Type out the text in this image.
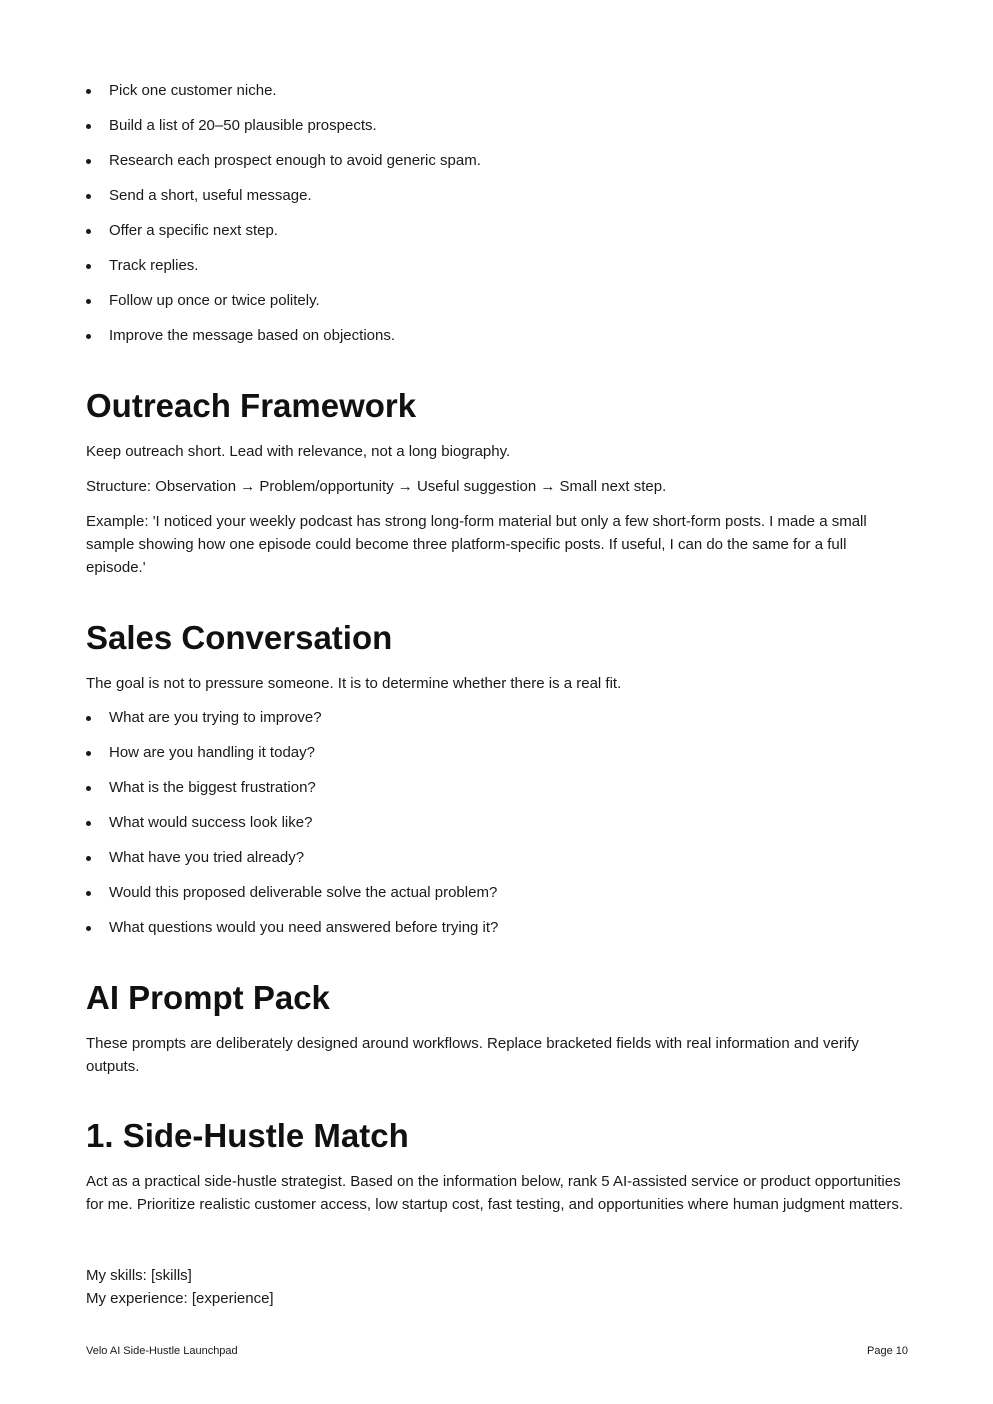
Pick one customer niche.
Build a list of 20–50 plausible prospects.
Research each prospect enough to avoid generic spam.
Send a short, useful message.
Offer a specific next step.
Track replies.
Follow up once or twice politely.
Improve the message based on objections.
Outreach Framework

Keep outreach short. Lead with relevance, not a long biography.

Structure: Observation → Problem/opportunity → Useful suggestion → Small next step.

Example: 'I noticed your weekly podcast has strong long-form material but only a few short-form posts. I made a small sample showing how one episode could become three platform-specific posts. If useful, I can do the same for a full episode.'

Sales Conversation

The goal is not to pressure someone. It is to determine whether there is a real fit.

What are you trying to improve?
How are you handling it today?
What is the biggest frustration?
What would success look like?
What have you tried already?
Would this proposed deliverable solve the actual problem?
What questions would you need answered before trying it?
AI Prompt Pack

These prompts are deliberately designed around workflows. Replace bracketed fields with real information and verify outputs.

1. Side-Hustle Match

Act as a practical side-hustle strategist. Based on the information below, rank 5 AI-assisted service or product opportunities for me. Prioritize realistic customer access, low startup cost, fast testing, and opportunities where human judgment matters.

My skills: [skills]

My experience: [experience]

Velo AI Side-Hustle Launchpad	Page 10
